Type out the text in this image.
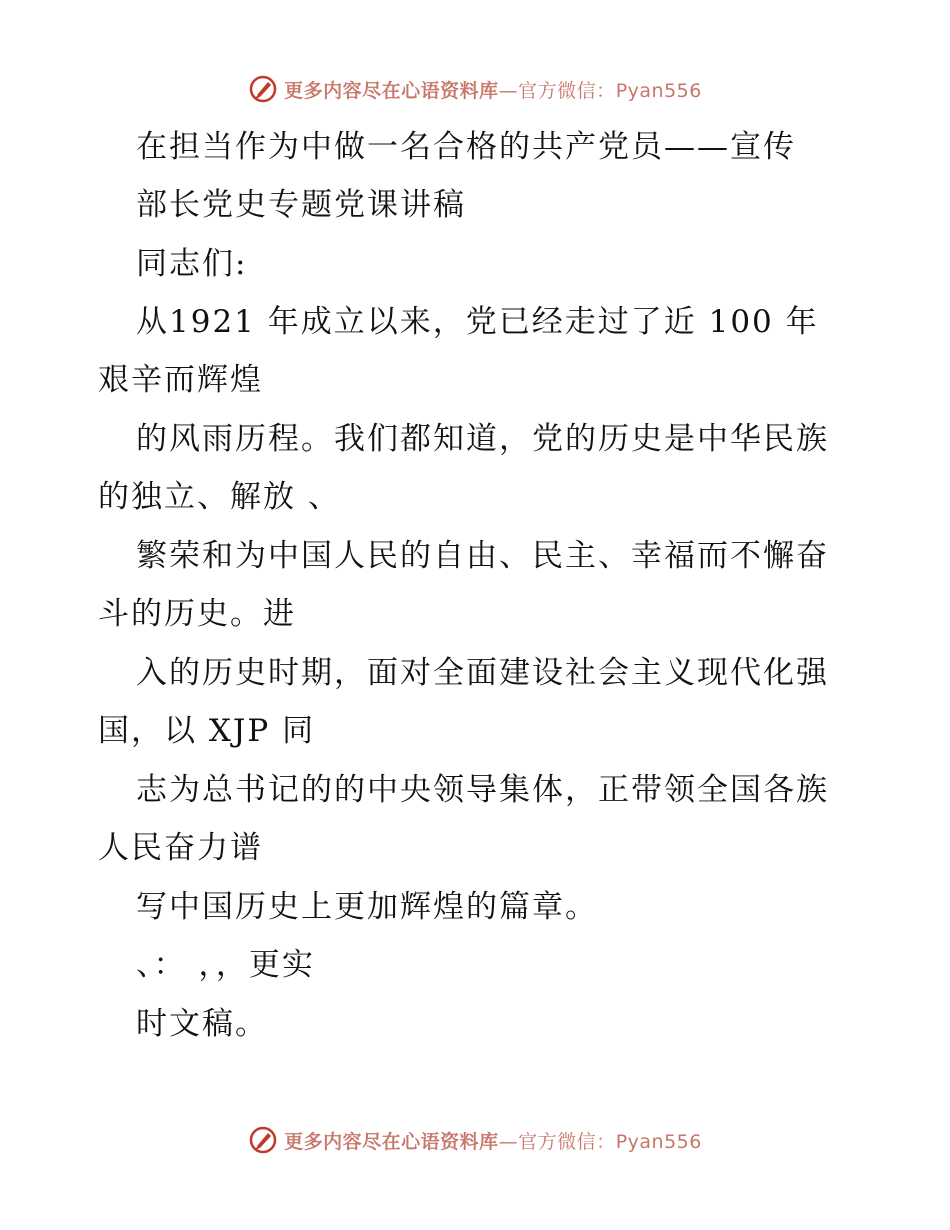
更多内容尽在心语资料库—官方微信：Pyan556
在担当作为中做一名合格的共产党员——宣传
部长党史专题党课讲稿
同志们:
从1921 年成立以来，党已经走过了近 100 年
艰辛而辉煌
的风雨历程。我们都知道，党的历史是中华民族
的独立、解放 、
繁荣和为中国人民的自由、民主、幸福而不懈奋
斗的历史。进
入的历史时期，面对全面建设社会主义现代化强
国，以 XJP 同
志为总书记的的中央领导集体，正带领全国各族
人民奋力谱
写中国历史上更加辉煌的篇章。
、： ，，更实
时文稿。
更多内容尽在心语资料库—官方微信：Pyan556
